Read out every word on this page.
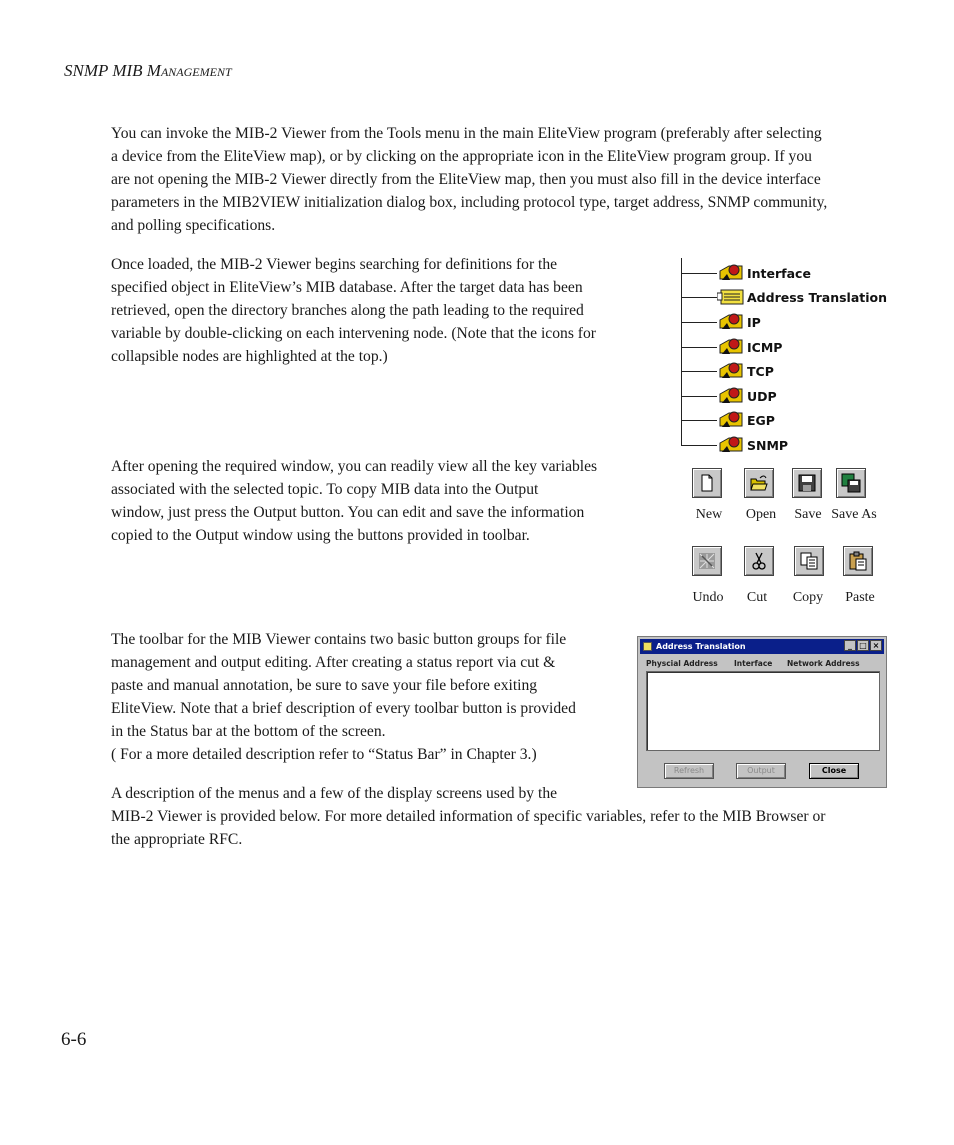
SNMP MIB MANAGEMENT
You can invoke the MIB-2 Viewer from the Tools menu in the main EliteView program (preferably after selecting
a device from the EliteView map), or by clicking on the appropriate icon in the EliteView program group. If you
are not opening the MIB-2 Viewer directly from the EliteView map, then you must also fill in the device interface
parameters in the MIB2VIEW initialization dialog box, including protocol type, target address, SNMP community,
and polling specifications.
Once loaded, the MIB-2 Viewer begins searching for definitions for the
specified object in EliteView’s MIB database. After the target data has been
retrieved, open the directory branches along the path leading to the required
variable by double-clicking on each intervening node. (Note that the icons for
collapsible nodes are highlighted at the top.)
After opening the required window, you can readily view all the key variables
associated with the selected topic. To copy MIB data into the Output
window, just press the Output button. You can edit and save the information
copied to the Output window using the buttons provided in toolbar.
The toolbar for the MIB Viewer contains two basic button groups for file
management and output editing. After creating a status report via cut &
paste and manual annotation, be sure to save your file before exiting
EliteView. Note that a brief description of every toolbar button is provided
in the Status bar at the bottom of the screen.
( For a more detailed description refer to “Status Bar” in Chapter 3.)
A description of the menus and a few of the display screens used by the
MIB-2 Viewer is provided below. For more detailed information of specific variables, refer to the MIB Browser or
the appropriate RFC.
Interface
Address Translation
IP
ICMP
TCP
UDP
EGP
SNMP
New	Open	Save Save As
Undo	Cut	Copy	Paste
Address Translation	_ □ ×
Physcial Address Interface Network Address
Refresh	Output	Close
6-6
